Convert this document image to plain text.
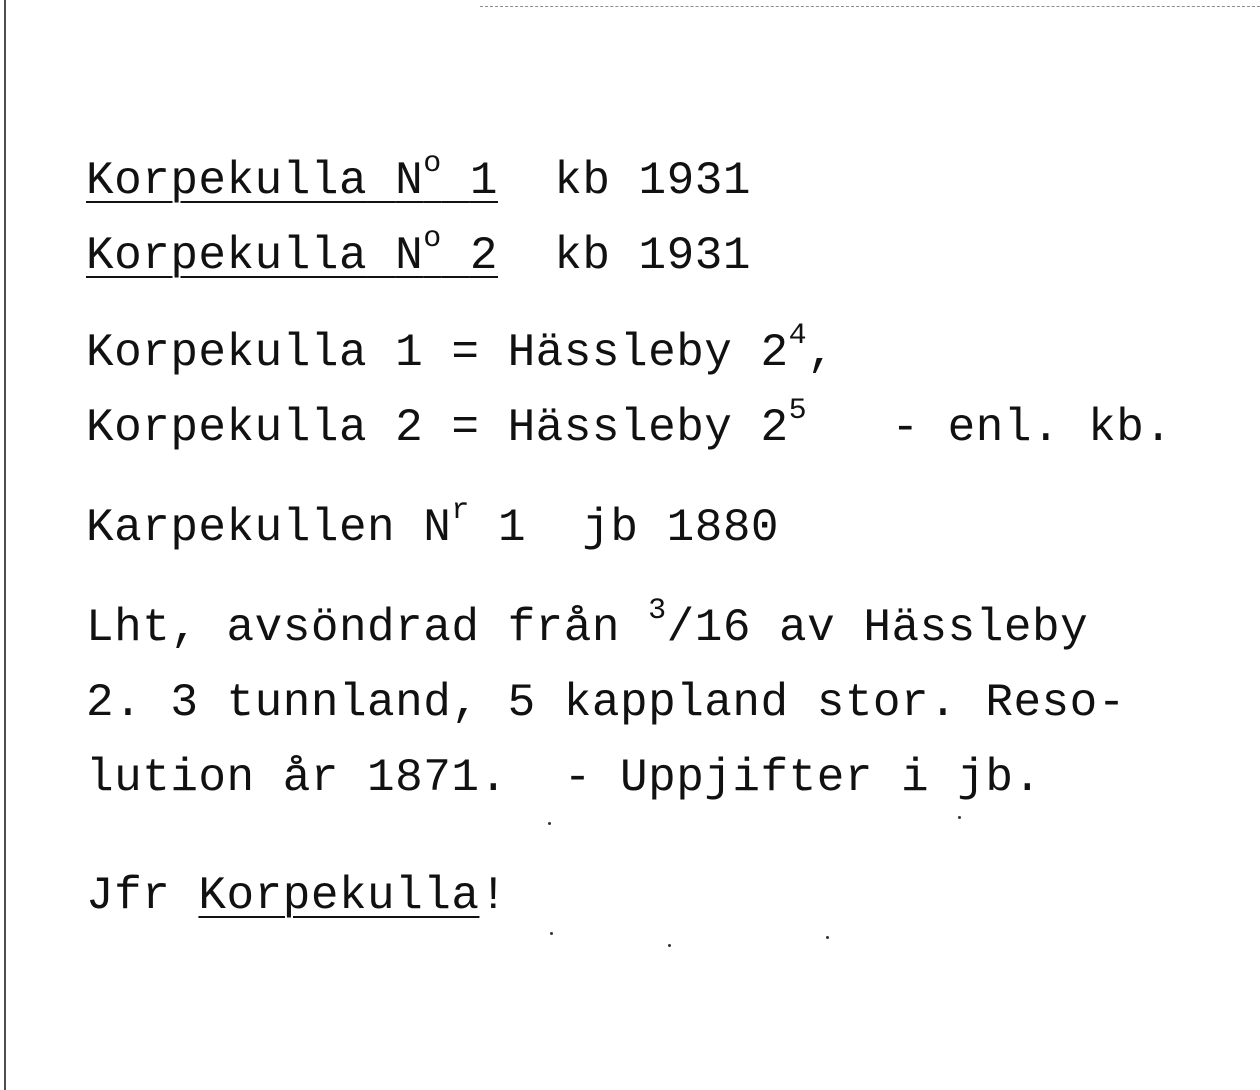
Korpekulla $N^o$ 1 kb 1931
Korpekulla $N^o$ 2 kb 1931
Korpekulla 1 = Hässleby $2^4$,
Korpekulla 2 = Hässleby $2^5$   - enl. kb.
Karpekullen $N^r$ 1  jb 1880
Lht, avsöndrad från $^3$/16 av Hässleby
2. 3 tunnland, 5 kappland stor. Reso-
lution år 1871.  - Uppjifter i jb.
Jfr Korpekulla!
